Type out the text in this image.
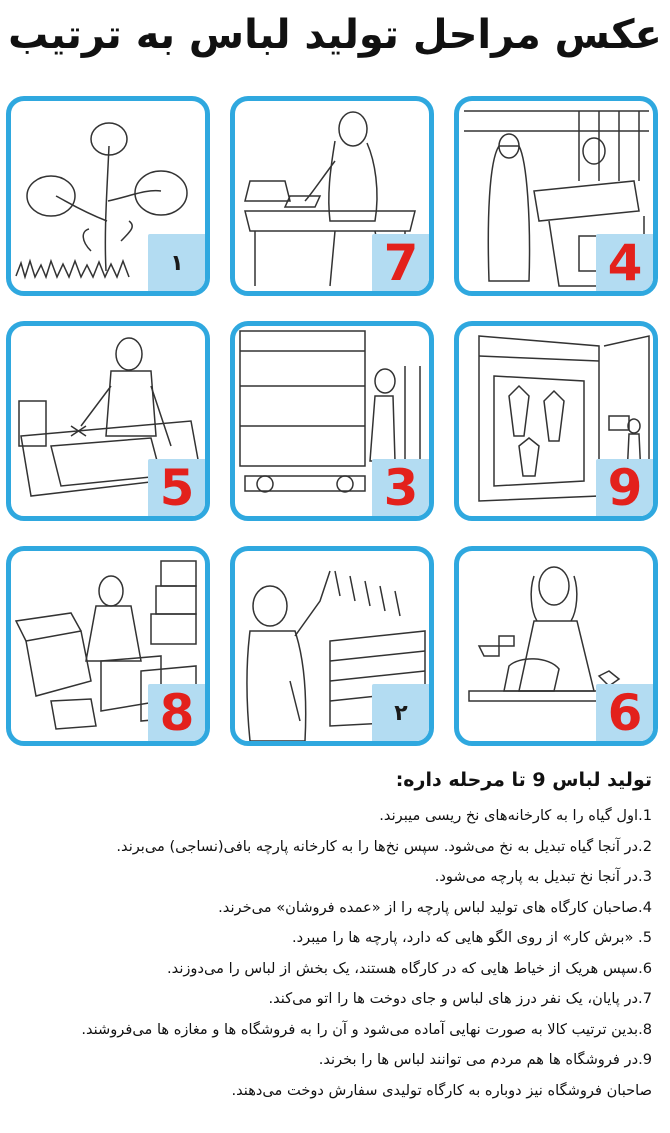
عکس مراحل تولید لباس به ترتیب
۱	7	4
5	3	9
8	۲	6
تولید لباس 9 تا مرحله داره:
1.اول گیاه را به کارخانه‌های نخ ریسی میبرند.
2.در آنجا گیاه تبدیل به نخ می‌شود. سپس نخ‌ها را به کارخانه پارچه بافی(نساجی) می‌برند.
3.در آنجا نخ تبدیل به پارچه می‌شود.
4.صاحبان کارگاه های تولید لباس پارچه را از «عمده فروشان» می‌خرند.
5. «برش کار» از روی الگو هایی که دارد، پارچه ها را میبرد.
6.سپس هریک از خیاط هایی که در کارگاه هستند، یک بخش از لباس را می‌دوزند.
7.در پایان، یک نفر درز های لباس و جای دوخت ها را اتو می‌کند.
8.بدین ترتیب کالا به صورت نهایی آماده می‌شود و آن را به فروشگاه ها و مغازه ها می‌فروشند.
9.در فروشگاه ها هم مردم می توانند لباس ها را بخرند.
صاحبان فروشگاه نیز دوباره به کارگاه تولیدی سفارش دوخت می‌دهند.
